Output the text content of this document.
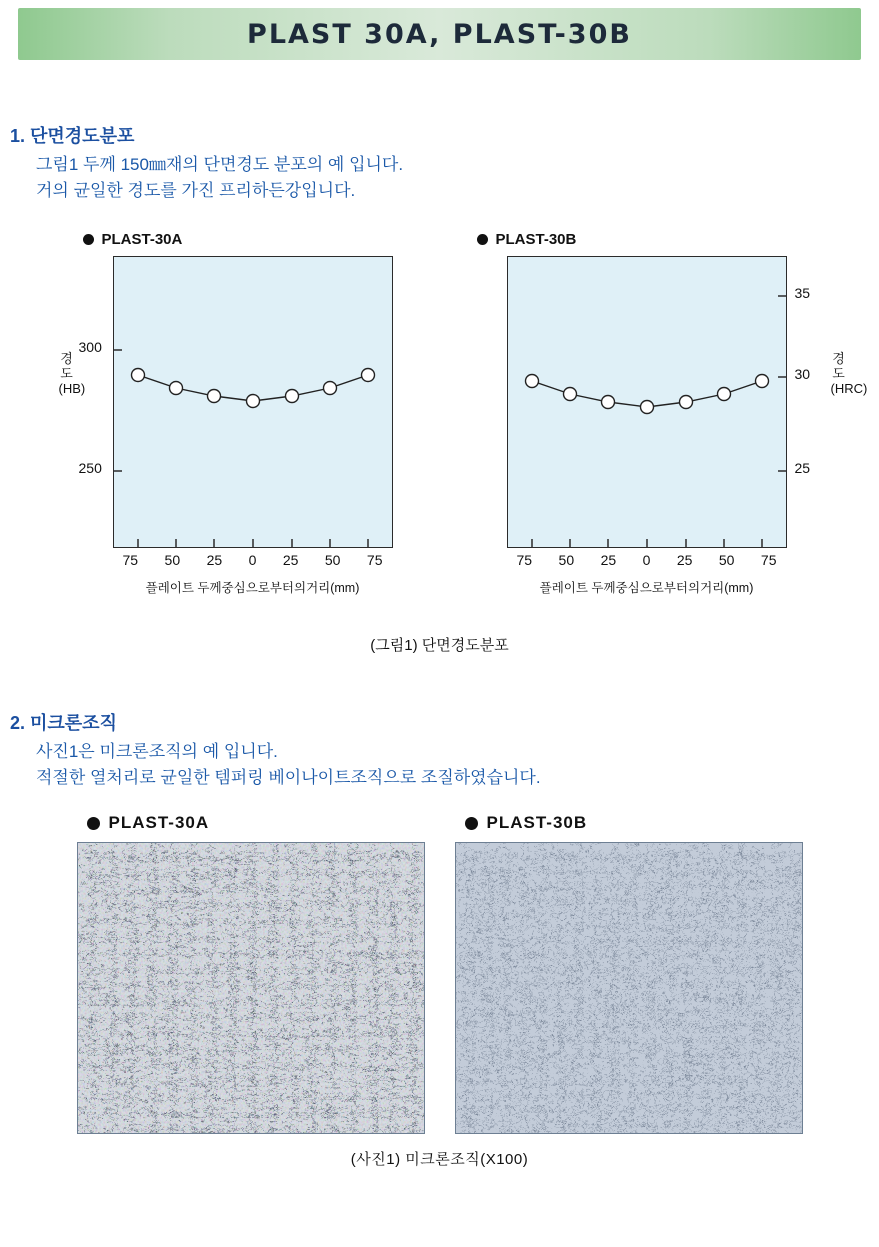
PLAST 30A, PLAST-30B
1. 단면경도분포
그림1 두께 150㎜재의 단면경도 분포의 예 입니다.
거의 균일한 경도를 가진 프리하든강입니다.
PLAST-30A
경 도 (HB)
300
250
75 50 25 0 25 50 75
플레이트 두께중심으로부터의거리(mm)
PLAST-30B
경 도(HRC)
35
30
25
75 50 25 0 25 50 75
플레이트 두께중심으로부터의거리(mm)
(그림1) 단면경도분포
2. 미크론조직
사진1은 미크론조직의 예 입니다.
적절한 열처리로 균일한 템퍼링 베이나이트조직으로 조질하였습니다.
PLAST-30A	PLAST-30B
(사진1) 미크론조직(X100)
